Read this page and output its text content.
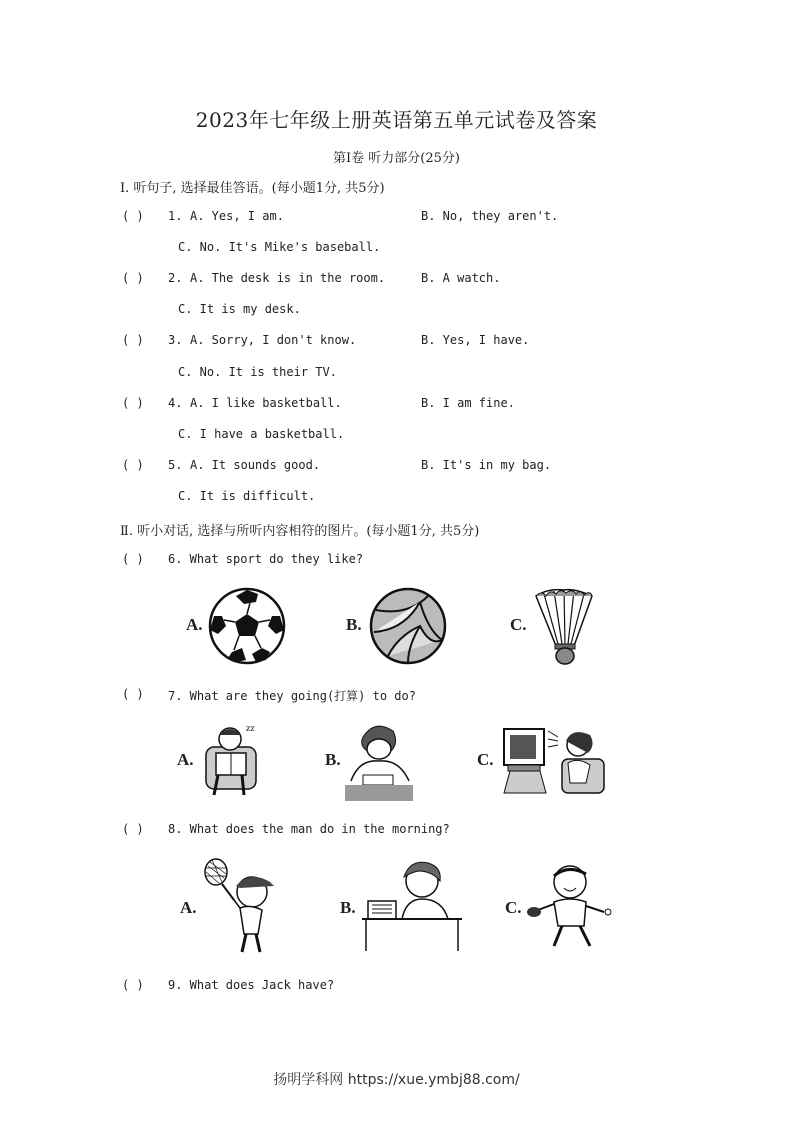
2023年七年级上册英语第五单元试卷及答案
第Ⅰ卷 听力部分(25分)
Ⅰ. 听句子, 选择最佳答语。(每小题1分, 共5分)
( ) 1. A. Yes, I am.	B. No, they aren't.
C. No. It's Mike's baseball.
( ) 2. A. The desk is in the room.	B. A watch.
C. It is my desk.
( ) 3. A. Sorry, I don't know.	B. Yes, I have.
C. No. It is their TV.
( ) 4. A. I like basketball.	B. I am fine.
C. I have a basketball.
( ) 5. A. It sounds good.	B. It's in my bag.
C. It is difficult.
Ⅱ. 听小对话, 选择与所听内容相符的图片。(每小题1分, 共5分)
( ) 6. What sport do they like?
A.	B.	C.
( ) 7. What are they going(打算) to do?
A.
zz
B.	C.
( ) 8. What does the man do in the morning?
A.	B.	C.
( ) 9. What does Jack have?
扬明学科网 https://xue.ymbj88.com/
